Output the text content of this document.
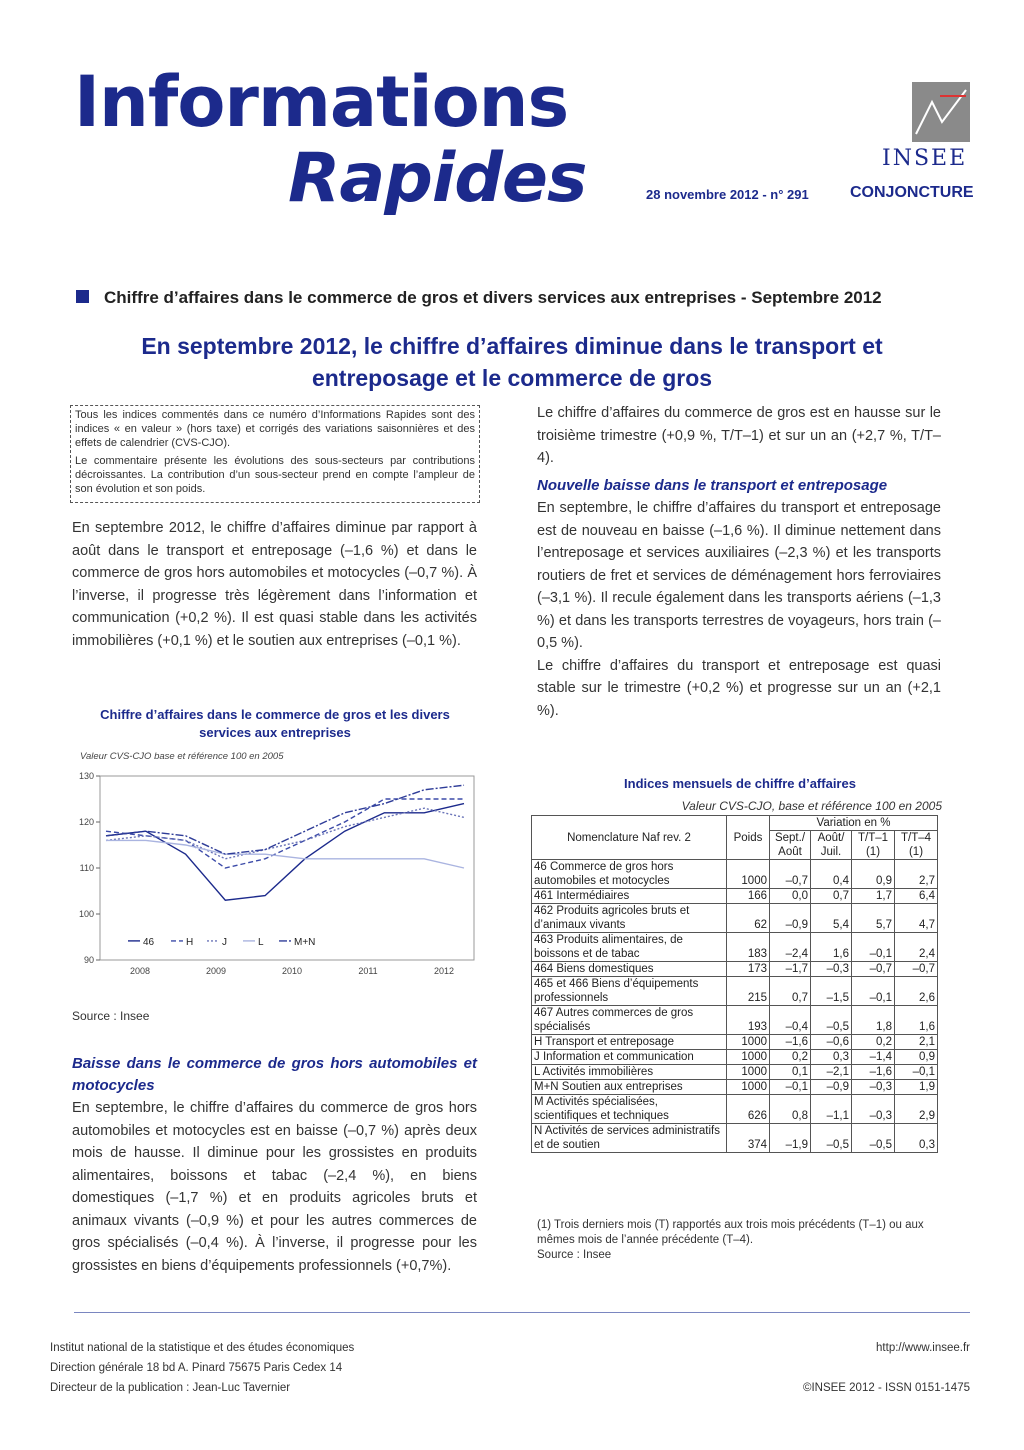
Informations
Rapides	28 novembre 2012 - n° 291
INSEE
CONJONCTURE
Chiffre d’affaires dans le commerce de gros et divers services aux entreprises - Septembre 2012
En septembre 2012, le chiffre d’affaires diminue dans le transport et entreposage et le commerce de gros

Tous les indices commentés dans ce numéro d’Informations Rapides sont des indices « en valeur » (hors taxe) et corrigés des variations saisonnières et des effets de calendrier (CVS-CJO).

Le commentaire présente les évolutions des sous-secteurs par contributions décroissantes. La contribution d’un sous-secteur prend en compte l’ampleur de son évolution et son poids.

En septembre 2012, le chiffre d’affaires diminue par rapport à août dans le transport et entreposage (–1,6 %) et dans le commerce de gros hors automobiles et motocycles (–0,7 %). À l’inverse, il progresse très légèrement dans l’information et communication (+0,2 %). Il est quasi stable dans les activités immobilières (+0,1 %) et le soutien aux entreprises (–0,1 %).
Chiffre d’affaires dans le commerce de gros et les divers services aux entreprises
Valeur CVS-CJO base et référence 100 en 2005
90
100
110
120
130
2008	2009	2010	2011	2012
46	H	J	L	M+N
Source : Insee
Baisse dans le commerce de gros hors automobiles et motocycles
En septembre, le chiffre d’affaires du commerce de gros hors automobiles et motocycles est en baisse (–0,7 %) après deux mois de hausse. Il diminue pour les grossistes en produits alimentaires, boissons et tabac (–2,4 %), en biens domestiques (–1,7 %) et en produits agricoles bruts et animaux vivants (–0,9 %) et pour les autres commerces de gros spécialisés (–0,4 %). À l’inverse, il progresse pour les grossistes en biens d’équipements professionnels (+0,7%).
Le chiffre d’affaires du commerce de gros est en hausse sur le troisième trimestre (+0,9 %, T/T–1) et sur un an (+2,7 %, T/T–4).
Nouvelle baisse dans le transport et entreposage

En septembre, le chiffre d’affaires du transport et entreposage est de nouveau en baisse (–1,6 %). Il diminue nettement dans l’entreposage et services auxiliaires (–2,3 %) et les transports routiers de fret et services de déménagement hors ferroviaires (–3,1 %). Il recule également dans les transports aériens (–1,3 %) et dans les transports terrestres de voyageurs, hors train (–0,5 %).

Le chiffre d’affaires du transport et entreposage est quasi stable sur le trimestre (+0,2 %) et progresse sur un an (+2,1 %).

Indices mensuels de chiffre d’affaires
Valeur CVS-CJO, base et référence 100 en 2005
Nomenclature Naf rev. 2	Poids	Variation en %			
		Sept./ Août	Août/ Juil.	T/T–1 (1)	T/T–4 (1)
46 Commerce de gros hors automobiles et motocycles	1000	–0,7	0,4	0,9	2,7
461 Intermédiaires	166	0,0	0,7	1,7	6,4
462 Produits agricoles bruts et d’animaux vivants	62	–0,9	5,4	5,7	4,7
463 Produits alimentaires, de boissons et de tabac	183	–2,4	1,6	–0,1	2,4
464 Biens domestiques	173	–1,7	–0,3	–0,7	–0,7
465 et 466 Biens d’équipements professionnels	215	0,7	–1,5	–0,1	2,6
467 Autres commerces de gros spécialisés	193	–0,4	–0,5	1,8	1,6
H Transport et entreposage	1000	–1,6	–0,6	0,2	2,1
J Information et communication	1000	0,2	0,3	–1,4	0,9
L Activités immobilières	1000	0,1	–2,1	–1,6	–0,1
M+N Soutien aux entreprises	1000	–0,1	–0,9	–0,3	1,9
M Activités spécialisées, scientifiques et techniques	626	0,8	–1,1	–0,3	2,9
N Activités de services administratifs et de soutien	374	–1,9	–0,5	–0,5	0,3
(1) Trois derniers mois (T) rapportés aux trois mois précédents (T–1) ou aux mêmes mois de l’année précédente (T–4).
Source : Insee
Institut national de la statistique et des études économiques
Direction générale 18 bd A. Pinard 75675 Paris Cedex 14
Directeur de la publication : Jean-Luc Tavernier
http://www.insee.fr

©INSEE 2012 - ISSN 0151-1475
